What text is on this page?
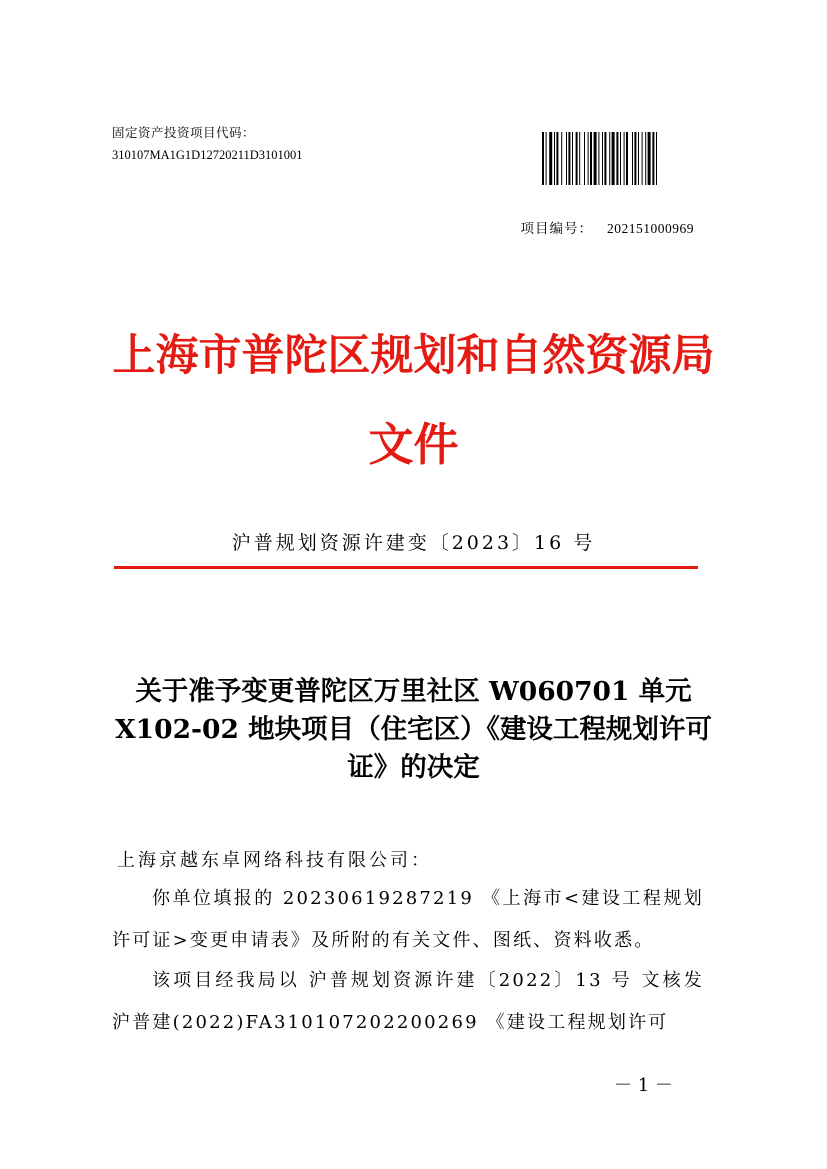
固定资产投资项目代码：
310107MA1G1D12720211D3101001
项目编号： 202151000969
上海市普陀区规划和自然资源局
文件
沪普规划资源许建变〔2023〕16 号
关于准予变更普陀区万里社区 W060701 单元 X102-02 地块项目（住宅区）《建设工程规划许可证》的决定
上海京越东卓网络科技有限公司：
你单位填报的 20230619287219 《上海市<建设工程规划许可证>变更申请表》及所附的有关文件、图纸、资料收悉。
该项目经我局以 沪普规划资源许建〔2022〕13 号 文核发 沪普建(2022)FA310107202200269 《建设工程规划许可
－ 1 －
